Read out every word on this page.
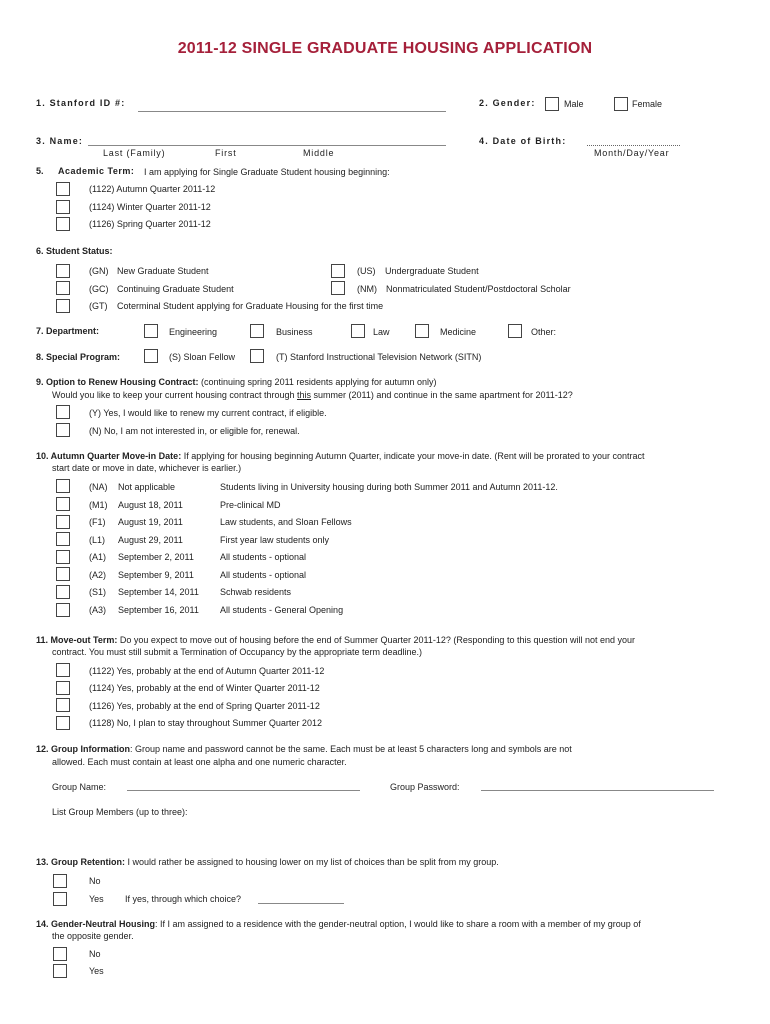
2011-12 SINGLE GRADUATE HOUSING APPLICATION
1. Stanford ID #:	2. Gender:	Male	Female
3. Name:
Last (Family)	First	Middle
4. Date of Birth:
Month/Day/Year
5. Academic Term: I am applying for Single Graduate Student housing beginning:
(1122) Autumn Quarter 2011-12
(1124) Winter Quarter 2011-12
(1126) Spring Quarter 2011-12
6. Student Status:
(GN) New Graduate Student
(GC) Continuing Graduate Student
(GT) Coterminal Student applying for Graduate Housing for the first time
(US) Undergraduate Student
(NM) Nonmatriculated Student/Postdoctoral Scholar
7. Department:	Engineering	Business	Law	Medicine	Other:
8. Special Program:	(S) Sloan Fellow	(T) Stanford Instructional Television Network (SITN)
9. Option to Renew Housing Contract: (continuing spring 2011 residents applying for autumn only)
Would you like to keep your current housing contract through this summer (2011) and continue in the same apartment for 2011-12?
(Y) Yes, I would like to renew my current contract, if eligible.
(N) No, I am not interested in, or eligible for, renewal.
10. Autumn Quarter Move-in Date: If applying for housing beginning Autumn Quarter, indicate your move-in date. (Rent will be prorated to your contract
start date or move in date, whichever is earlier.)
(NA) Not applicable	Students living in University housing during both Summer 2011 and Autumn 2011-12.
(M1) August 18, 2011	Pre-clinical MD
(F1) August 19, 2011	Law students, and Sloan Fellows
(L1) August 29, 2011	First year law students only
(A1) September 2, 2011	All students - optional
(A2) September 9, 2011	All students - optional
(S1) September 14, 2011 Schwab residents
(A3) September 16, 2011 All students - General Opening
11. Move-out Term: Do you expect to move out of housing before the end of Summer Quarter 2011-12? (Responding to this question will not end your
contract. You must still submit a Termination of Occupancy by the appropriate term deadline.)
(1122) Yes, probably at the end of Autumn Quarter 2011-12
(1124) Yes, probably at the end of Winter Quarter 2011-12
(1126) Yes, probably at the end of Spring Quarter 2011-12
(1128) No, I plan to stay throughout Summer Quarter 2012
12. Group Information: Group name and password cannot be the same. Each must be at least 5 characters long and symbols are not
allowed. Each must contain at least one alpha and one numeric character.
Group Name:	Group Password:
List Group Members (up to three):
13. Group Retention: I would rather be assigned to housing lower on my list of choices than be split from my group.
No
Yes If yes, through which choice?
14. Gender-Neutral Housing: If I am assigned to a residence with the gender-neutral option, I would like to share a room with a member of my group of
the opposite gender.
No
Yes
